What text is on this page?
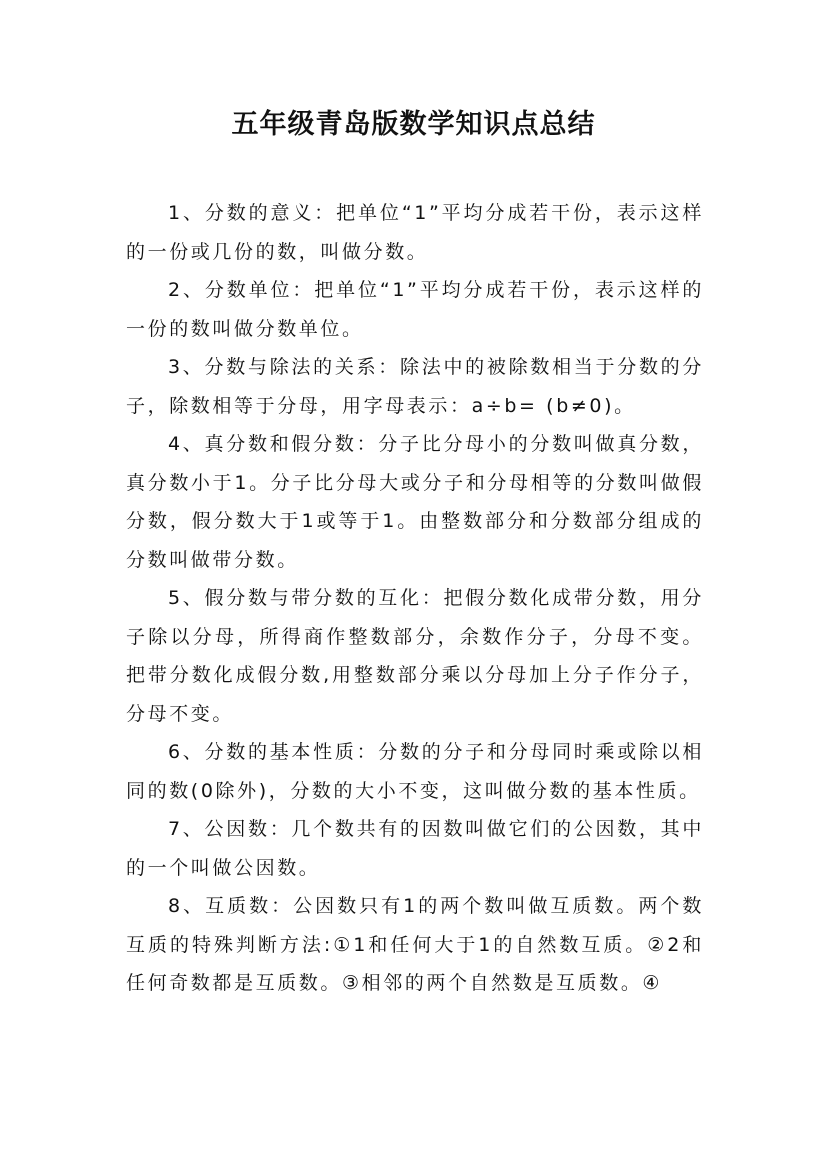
五年级青岛版数学知识点总结

1、分数的意义：把单位“1”平均分成若干份，表示这样的一份或几份的数，叫做分数。

2、分数单位：把单位“1”平均分成若干份，表示这样的一份的数叫做分数单位。

3、分数与除法的关系：除法中的被除数相当于分数的分子，除数相等于分母，用字母表示：a÷b= (b≠0)。

4、真分数和假分数：分子比分母小的分数叫做真分数，真分数小于1。分子比分母大或分子和分母相等的分数叫做假分数，假分数大于1或等于1。由整数部分和分数部分组成的分数叫做带分数。

5、假分数与带分数的互化：把假分数化成带分数，用分子除以分母，所得商作整数部分，余数作分子，分母不变。把带分数化成假分数,用整数部分乘以分母加上分子作分子，分母不变。

6、分数的基本性质：分数的分子和分母同时乘或除以相同的数(0除外)，分数的大小不变，这叫做分数的基本性质。

7、公因数：几个数共有的因数叫做它们的公因数，其中的一个叫做公因数。

8、互质数：公因数只有1的两个数叫做互质数。两个数互质的特殊判断方法:①1和任何大于1的自然数互质。②2和任何奇数都是互质数。③相邻的两个自然数是互质数。④
